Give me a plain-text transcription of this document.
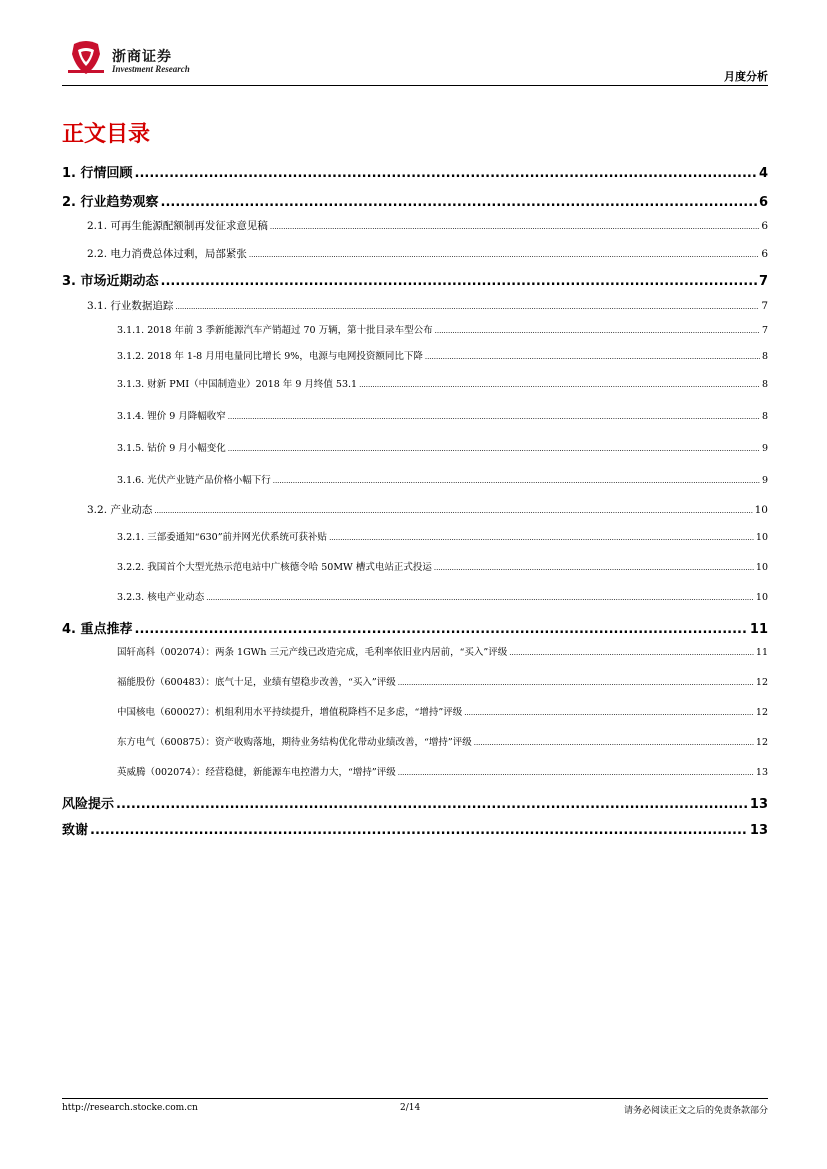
浙商证券
Investment Research
月度分析
正文目录
1. 行情回顾 .....	4
2. 行业趋势观察 .....	6
2.1. 可再生能源配额制再发征求意见稿 .....	6
2.2. 电力消费总体过剩，局部紧张 .....	6
3. 市场近期动态 .....	7
3.1. 行业数据追踪 .....	7
3.1.1. 2018 年前 3 季新能源汽车产销超过 70 万辆，第十批目录车型公布 .....	7
3.1.2. 2018 年 1-8 月用电量同比增长 9%，电源与电网投资额同比下降 .....	8
3.1.3. 财新 PMI（中国制造业）2018 年 9 月终值 53.1 .....	8
3.1.4. 锂价 9 月降幅收窄 .....	8
3.1.5. 钴价 9 月小幅变化 .....	9
3.1.6. 光伏产业链产品价格小幅下行 .....	9
3.2. 产业动态 .....	10
3.2.1. 三部委通知“630”前并网光伏系统可获补贴 .....	10
3.2.2. 我国首个大型光热示范电站中广核德令哈 50MW 槽式电站正式投运 .....	10
3.2.3. 核电产业动态 .....	10
4. 重点推荐 .....	11
国轩高科（002074）：两条 1GWh 三元产线已改造完成，毛利率依旧业内居前，“买入”评级 .....	11
福能股份（600483）：底气十足，业绩有望稳步改善，“买入”评级 .....	12
中国核电（600027）：机组利用水平持续提升，增值税降档不足多虑，“增持”评级 .....	12
东方电气（600875）：资产收购落地，期待业务结构优化带动业绩改善，“增持”评级 .....	12
英威腾（002074）：经营稳健，新能源车电控潜力大，“增持”评级 .....	13
风险提示 .....	13
致谢 .....	13
http://research.stocke.com.cn	2/14	请务必阅读正文之后的免责条款部分
